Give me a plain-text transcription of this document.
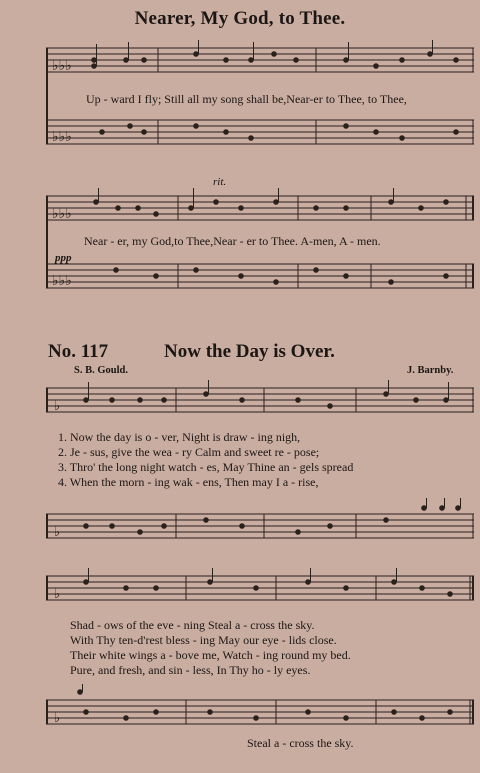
Nearer, My God, to Thee.
♭♭♭
♭♭♭
Up - ward I fly; Still all my song shall be,Near-er to Thee, to Thee,
rit.
♭♭♭
♭♭♭
Near - er, my God,to Thee,Near - er to Thee. A-men, A - men.
ppp
No. 117	Now the Day is Over.
S. B. Gould.	J. Barnby.
♭
1. Now the day is o - ver, Night is draw - ing nigh,
2. Je - sus, give the wea - ry Calm and sweet re - pose;
3. Thro' the long night watch - es, May Thine an - gels spread
4. When the morn - ing wak - ens, Then may I a - rise,
♭
♭
Shad - ows of the eve - ning Steal a - cross the sky.
With Thy ten-d'rest bless - ing May our eye - lids close.
Their white wings a - bove me, Watch - ing round my bed.
Pure, and fresh, and sin - less, In Thy ho - ly eyes.
♭
Steal a - cross the sky.
